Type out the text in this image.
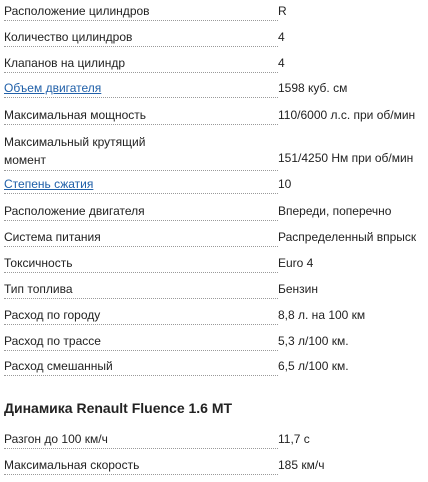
Расположение цилиндров	R
Количество цилиндров	4
Клапанов на цилиндр	4
Объем двигателя	1598 куб. см
Максимальная мощность	110/6000 л.с. при об/мин
Максимальный крутящий
момент	151/4250 Нм при об/мин
Степень сжатия	10
Расположение двигателя	Впереди, поперечно
Система питания	Распределенный впрыск
Токсичность	Euro 4
Тип топлива	Бензин
Расход по городу	8,8 л. на 100 км
Расход по трассе	5,3 л/100 км.
Расход смешанный	6,5 л/100 км.
Динамика Renault Fluence 1.6 MT
Разгон до 100 км/ч	11,7 с
Максимальная скорость	185 км/ч
